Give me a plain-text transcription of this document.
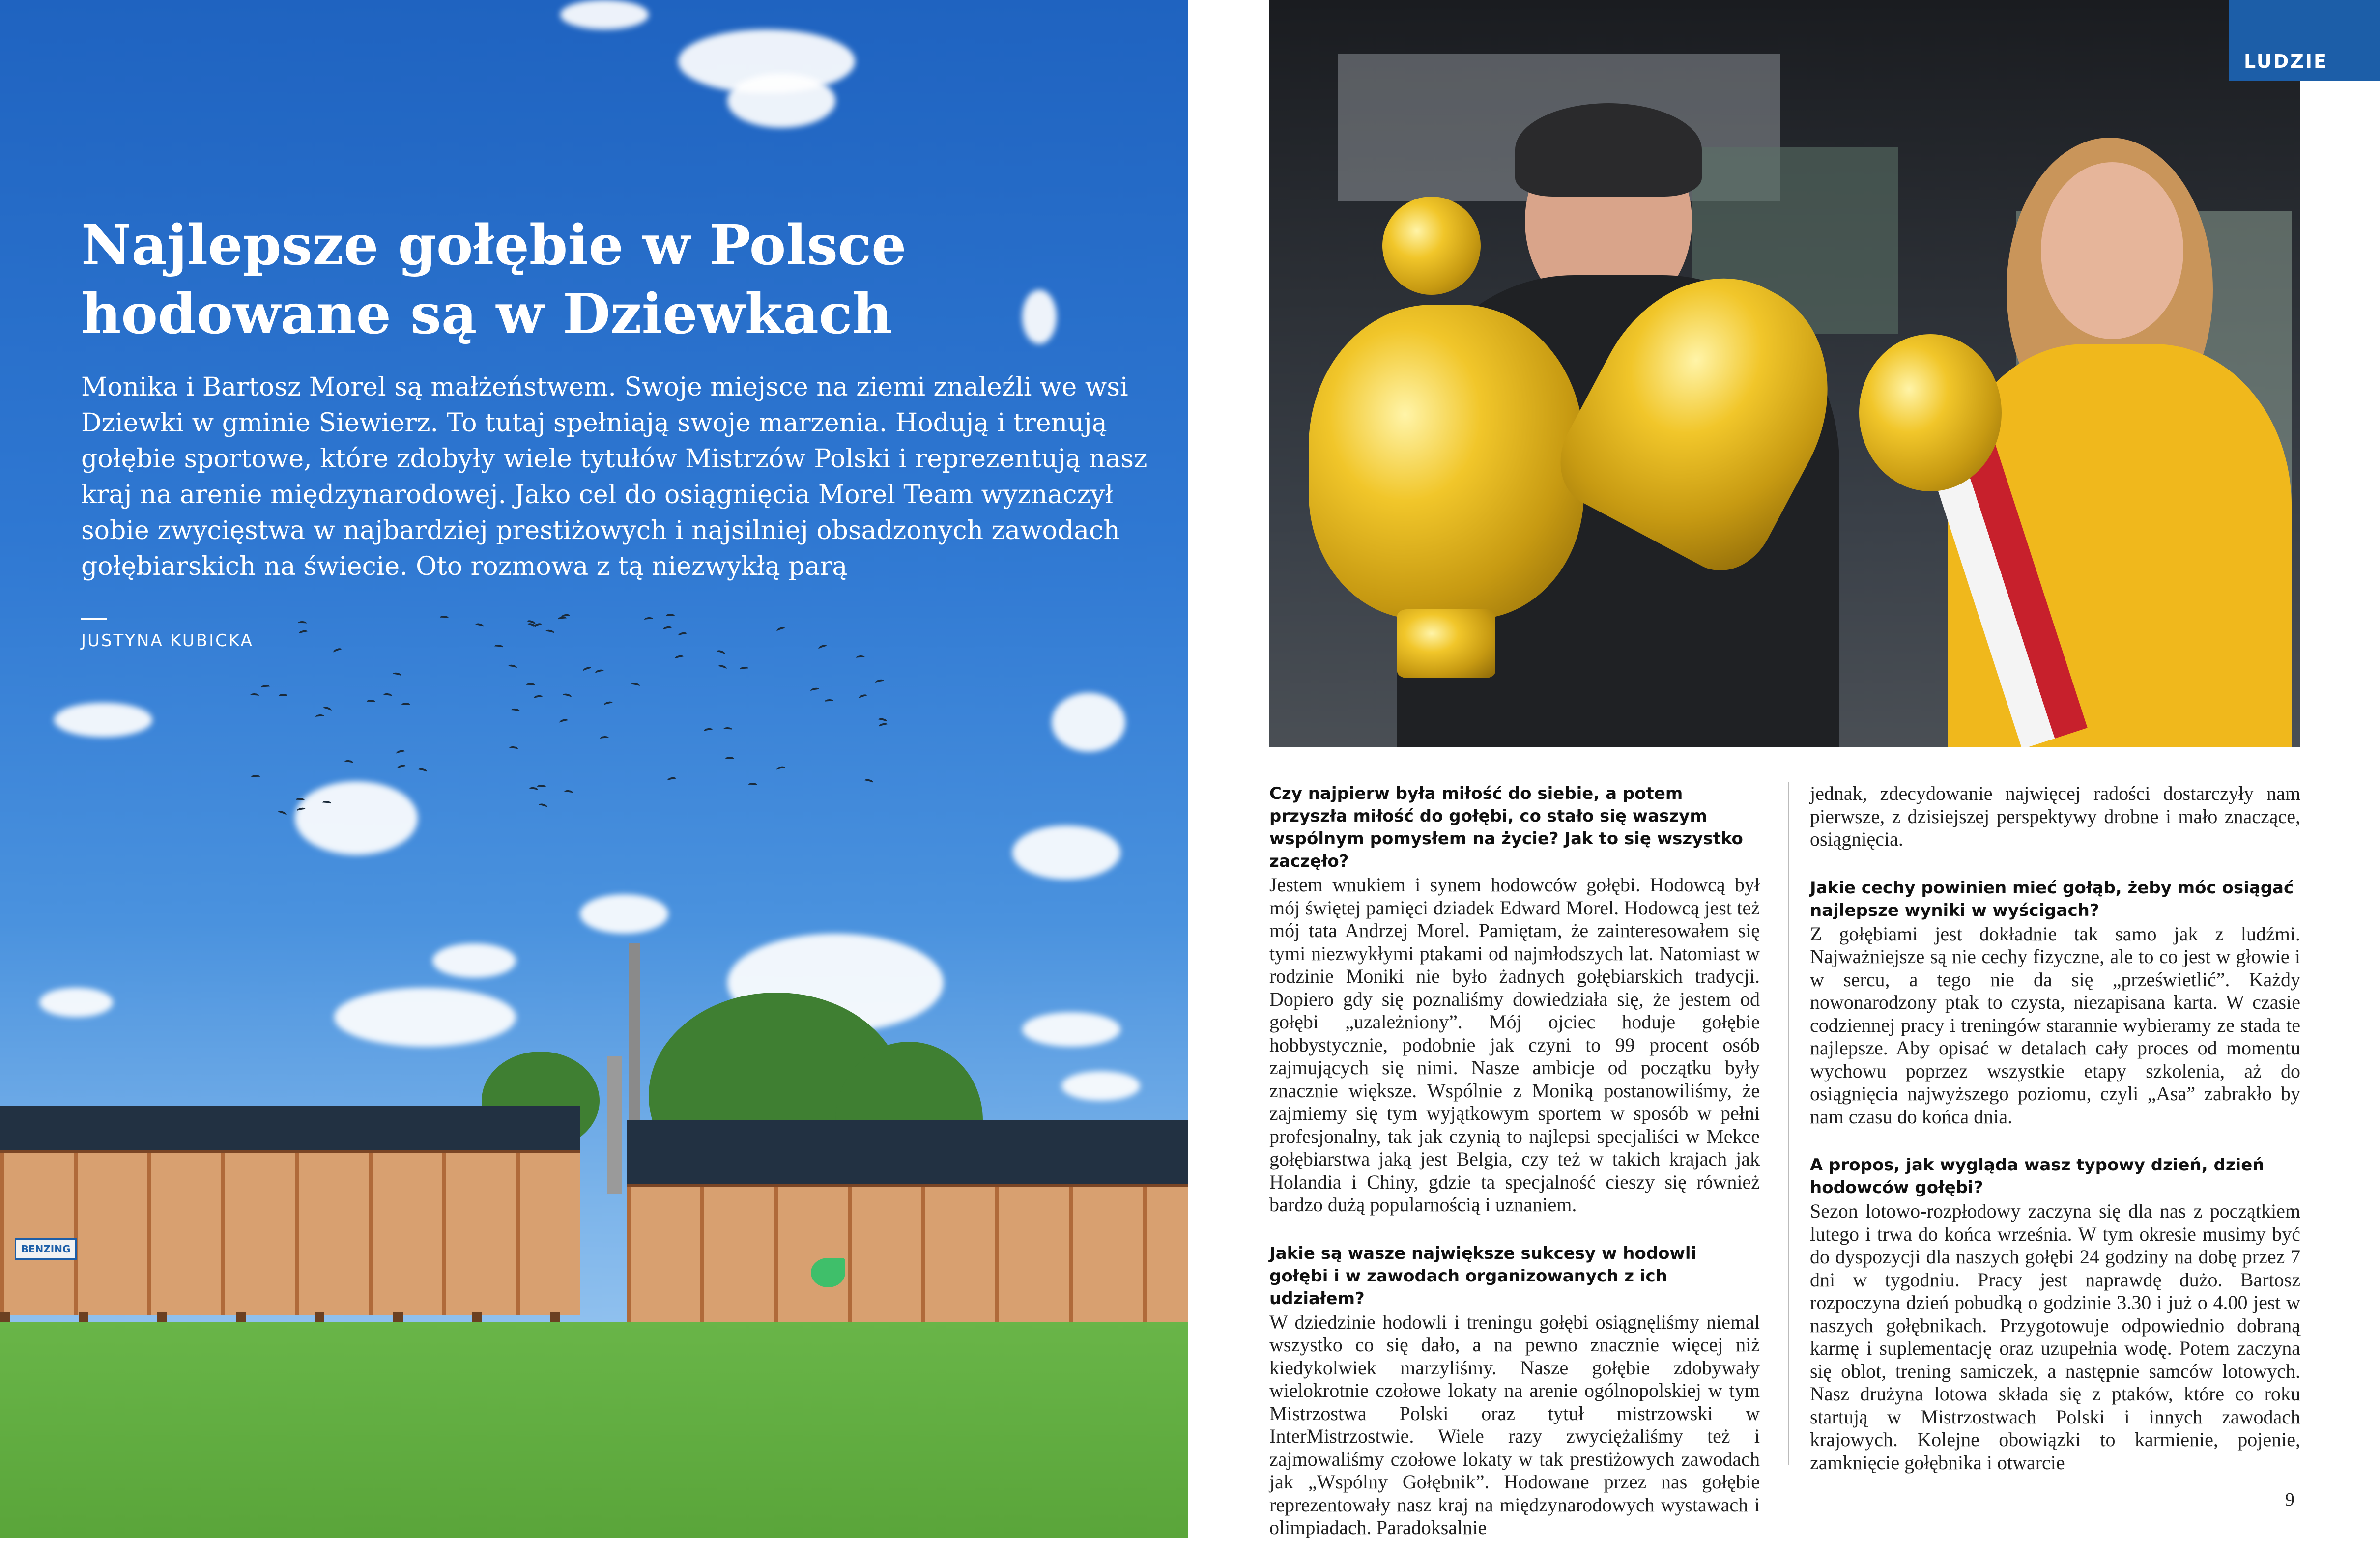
BENZING
Najlepsze gołębie w Polsce
hodowane są w Dziewkach

Monika i Bartosz Morel są małżeństwem. Swoje miejsce na ziemi znaleźli we wsi Dziewki w gminie Siewierz. To tutaj spełniają swoje marzenia. Hodują i trenują gołębie sportowe, które zdobyły wiele tytułów Mistrzów Polski i reprezentują nasz kraj na arenie międzynarodowej. Jako cel do osiągnięcia Morel Team wyznaczył sobie zwycięstwa w najbardziej prestiżowych i najsilniej obsadzonych zawodach gołębiarskich na świecie. Oto rozmowa z tą niezwykłą parą

JUSTYNA KUBICKA
LUDZIE

Czy najpierw była miłość do siebie, a potem przyszła miłość do gołębi, co stało się waszym wspólnym pomysłem na życie? Jak to się wszystko zaczęło?

Jestem wnukiem i synem hodowców gołębi. Hodowcą był mój świętej pamięci dziadek Edward Morel. Hodowcą jest też mój tata Andrzej Morel. Pamiętam, że zainteresowałem się tymi niezwykłymi ptakami od najmłodszych lat. Natomiast w rodzinie Moniki nie było żadnych gołębiarskich tradycji. Dopiero gdy się poznaliśmy dowiedziała się, że jestem od gołębi „uzależniony”. Mój ojciec hoduje gołębie hobbystycznie, podobnie jak czyni to 99 procent osób zajmujących się nimi. Nasze ambicje od początku były znacznie większe. Wspólnie z Moniką postanowiliśmy, że zajmiemy się tym wyjątkowym sportem w sposób w pełni profesjonalny, tak jak czynią to najlepsi specjaliści w Mekce gołębiarstwa jaką jest Belgia, czy też w takich krajach jak Holandia i Chiny, gdzie ta specjalność cieszy się również bardzo dużą popularnością i uznaniem.

Jakie są wasze największe sukcesy w hodowli gołębi i w zawodach organizowanych z ich udziałem?

W dziedzinie hodowli i treningu gołębi osiągnęliśmy niemal wszystko co się dało, a na pewno znacznie więcej niż kiedykolwiek marzyliśmy. Nasze gołębie zdobywały wielokrotnie czołowe lokaty na arenie ogólnopolskiej w tym Mistrzostwa Polski oraz tytuł mistrzowski w InterMistrzostwie. Wiele razy zwyciężaliśmy też i zajmowaliśmy czołowe lokaty w tak prestiżowych zawodach jak „Wspólny Gołębnik”. Hodowane przez nas gołębie reprezentowały nasz kraj na międzynarodowych wystawach i olimpiadach. Paradoksalnie

jednak, zdecydowanie najwięcej radości dostarczyły nam pierwsze, z dzisiejszej perspektywy drobne i mało znaczące, osiągnięcia.

Jakie cechy powinien mieć gołąb, żeby móc osiągać najlepsze wyniki w wyścigach?

Z gołębiami jest dokładnie tak samo jak z ludźmi. Najważniejsze są nie cechy fizyczne, ale to co jest w głowie i w sercu, a tego nie da się „prześwietlić”. Każdy nowonarodzony ptak to czysta, niezapisana karta. W czasie codziennej pracy i treningów starannie wybieramy ze stada te najlepsze. Aby opisać w detalach cały proces od momentu wychowu poprzez wszystkie etapy szkolenia, aż do osiągnięcia najwyższego poziomu, czyli „Asa” zabrakło by nam czasu do końca dnia.

A propos, jak wygląda wasz typowy dzień, dzień hodowców gołębi?

Sezon lotowo-rozpłodowy zaczyna się dla nas z początkiem lutego i trwa do końca września. W tym okresie musimy być do dyspozycji dla naszych gołębi 24 godziny na dobę przez 7 dni w tygodniu. Pracy jest naprawdę dużo. Bartosz rozpoczyna dzień pobudką o godzinie 3.30 i już o 4.00 jest w naszych gołębnikach. Przygotowuje odpowiednio dobraną karmę i suplementację oraz uzupełnia wodę. Potem zaczyna się oblot, trening samiczek, a następnie samców lotowych. Nasz drużyna lotowa składa się z ptaków, które co roku startują w Mistrzostwach Polski i innych zawodach krajowych. Kolejne obowiązki to karmienie, pojenie, zamknięcie gołębnika i otwarcie

9
